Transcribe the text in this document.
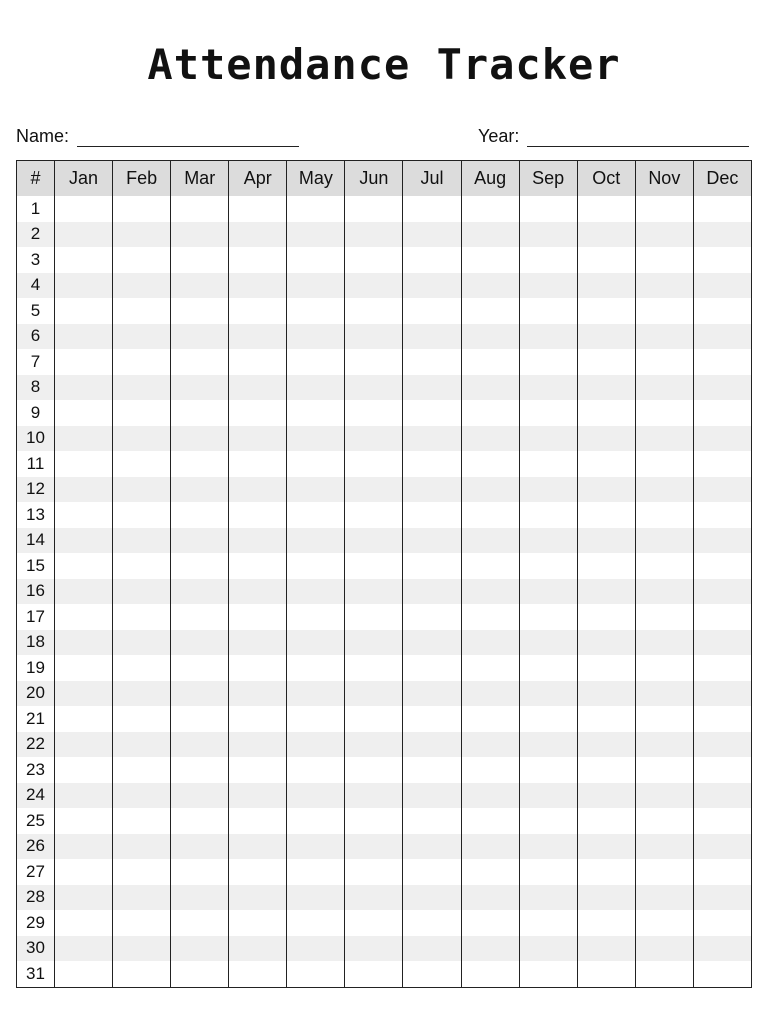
Attendance Tracker
Name:	Year:
#	Jan	Feb	Mar	Apr	May	Jun	Jul	Aug	Sep	Oct	Nov	Dec
1												
2												
3												
4												
5												
6												
7												
8												
9												
10												
11												
12												
13												
14												
15												
16												
17												
18												
19												
20												
21												
22												
23												
24												
25												
26												
27												
28												
29												
30												
31												
